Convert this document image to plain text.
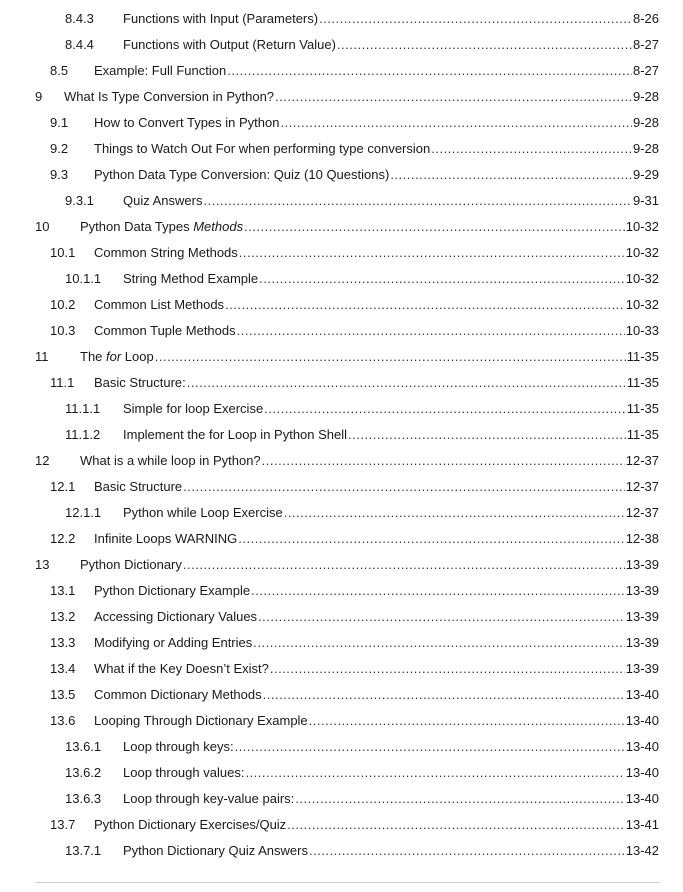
8.4.3 Functions with Input (Parameters) .....	8-26
8.4.4 Functions with Output (Return Value) .....	8-27
8.5 Example: Full Function .....	8-27
9 What Is Type Conversion in Python? .....	9-28
9.1 How to Convert Types in Python .....	9-28
9.2 Things to Watch Out For when performing type conversion .....	9-28
9.3 Python Data Type Conversion: Quiz (10 Questions) .....	9-29
9.3.1 Quiz Answers .....	9-31
10 Python Data Types Methods .....	10-32
10.1 Common String Methods .....	10-32
10.1.1 String Method Example .....	10-32
10.2 Common List Methods .....	10-32
10.3 Common Tuple Methods .....	10-33
11 The for Loop .....	11-35
11.1 Basic Structure: .....	11-35
11.1.1 Simple for loop Exercise .....	11-35
11.1.2 Implement the for Loop in Python Shell .....	11-35
12 What is a while loop in Python? .....	12-37
12.1 Basic Structure .....	12-37
12.1.1 Python while Loop Exercise .....	12-37
12.2 Infinite Loops WARNING .....	12-38
13 Python Dictionary .....	13-39
13.1 Python Dictionary Example .....	13-39
13.2 Accessing Dictionary Values .....	13-39
13.3 Modifying or Adding Entries .....	13-39
13.4 What if the Key Doesn’t Exist? .....	13-39
13.5 Common Dictionary Methods .....	13-40
13.6 Looping Through Dictionary Example .....	13-40
13.6.1 Loop through keys: .....	13-40
13.6.2 Loop through values: .....	13-40
13.6.3 Loop through key-value pairs: .....	13-40
13.7 Python Dictionary Exercises/Quiz .....	13-41
13.7.1 Python Dictionary Quiz Answers .....	13-42
